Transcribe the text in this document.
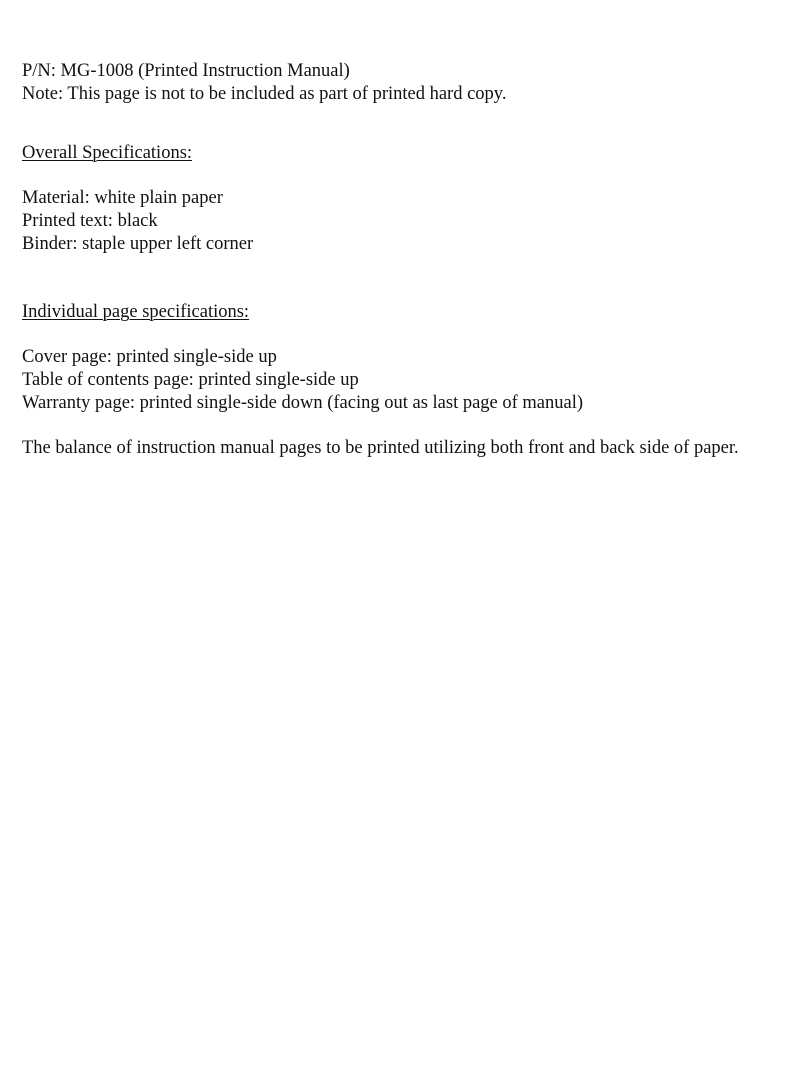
P/N: MG-1008 (Printed Instruction Manual)

Note: This page is not to be included as part of printed hard copy.

Overall Specifications:

Material: white plain paper

Printed text: black

Binder: staple upper left corner

Individual page specifications:

Cover page: printed single-side up

Table of contents page: printed single-side up

Warranty page: printed single-side down (facing out as last page of manual)

The balance of instruction manual pages to be printed utilizing both front and back side of paper.
